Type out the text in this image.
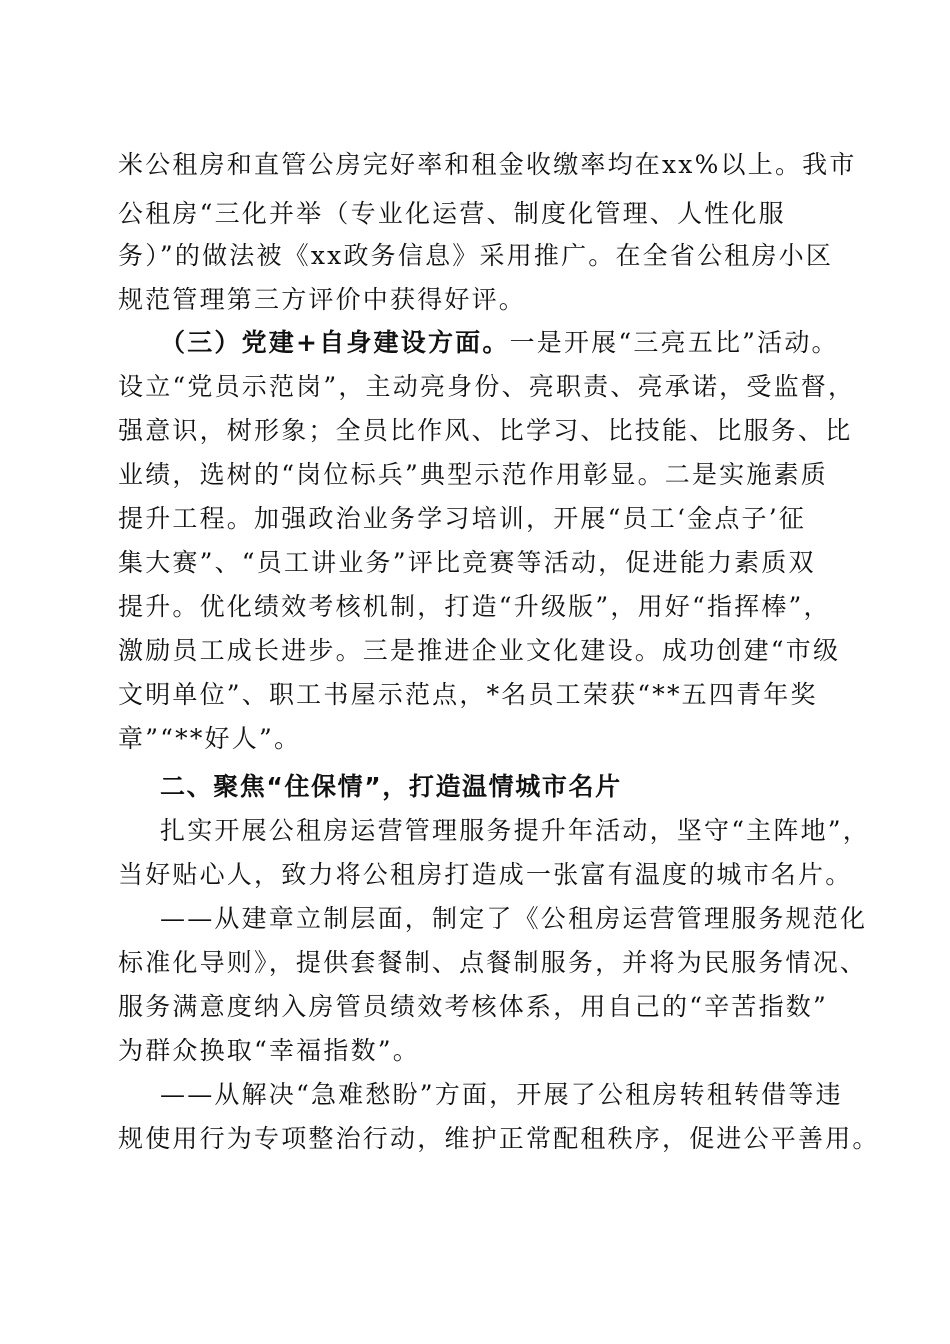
米公租房和直管公房完好率和租金收缴率均在xx%以上。我市
公租房“三化并举（专业化运营、制度化管理、人性化服
务）”的做法被《xx政务信息》采用推广。在全省公租房小区
规范管理第三方评价中获得好评。
（三）党建+自身建设方面。一是开展“三亮五比”活动。
设立“党员示范岗”，主动亮身份、亮职责、亮承诺，受监督，
强意识，树形象；全员比作风、比学习、比技能、比服务、比
业绩，选树的“岗位标兵”典型示范作用彰显。二是实施素质
提升工程。加强政治业务学习培训，开展“员工‘金点子’征
集大赛”、“员工讲业务”评比竞赛等活动，促进能力素质双
提升。优化绩效考核机制，打造“升级版”，用好“指挥棒”，
激励员工成长进步。三是推进企业文化建设。成功创建“市级
文明单位”、职工书屋示范点，*名员工荣获“**五四青年奖
章”“**好人”。
二、聚焦“住保情”，打造温情城市名片
扎实开展公租房运营管理服务提升年活动，坚守“主阵地”，
当好贴心人，致力将公租房打造成一张富有温度的城市名片。
——从建章立制层面，制定了《公租房运营管理服务规范化
标准化导则》，提供套餐制、点餐制服务，并将为民服务情况、
服务满意度纳入房管员绩效考核体系，用自己的“辛苦指数”
为群众换取“幸福指数”。
——从解决“急难愁盼”方面，开展了公租房转租转借等违
规使用行为专项整治行动，维护正常配租秩序，促进公平善用。
